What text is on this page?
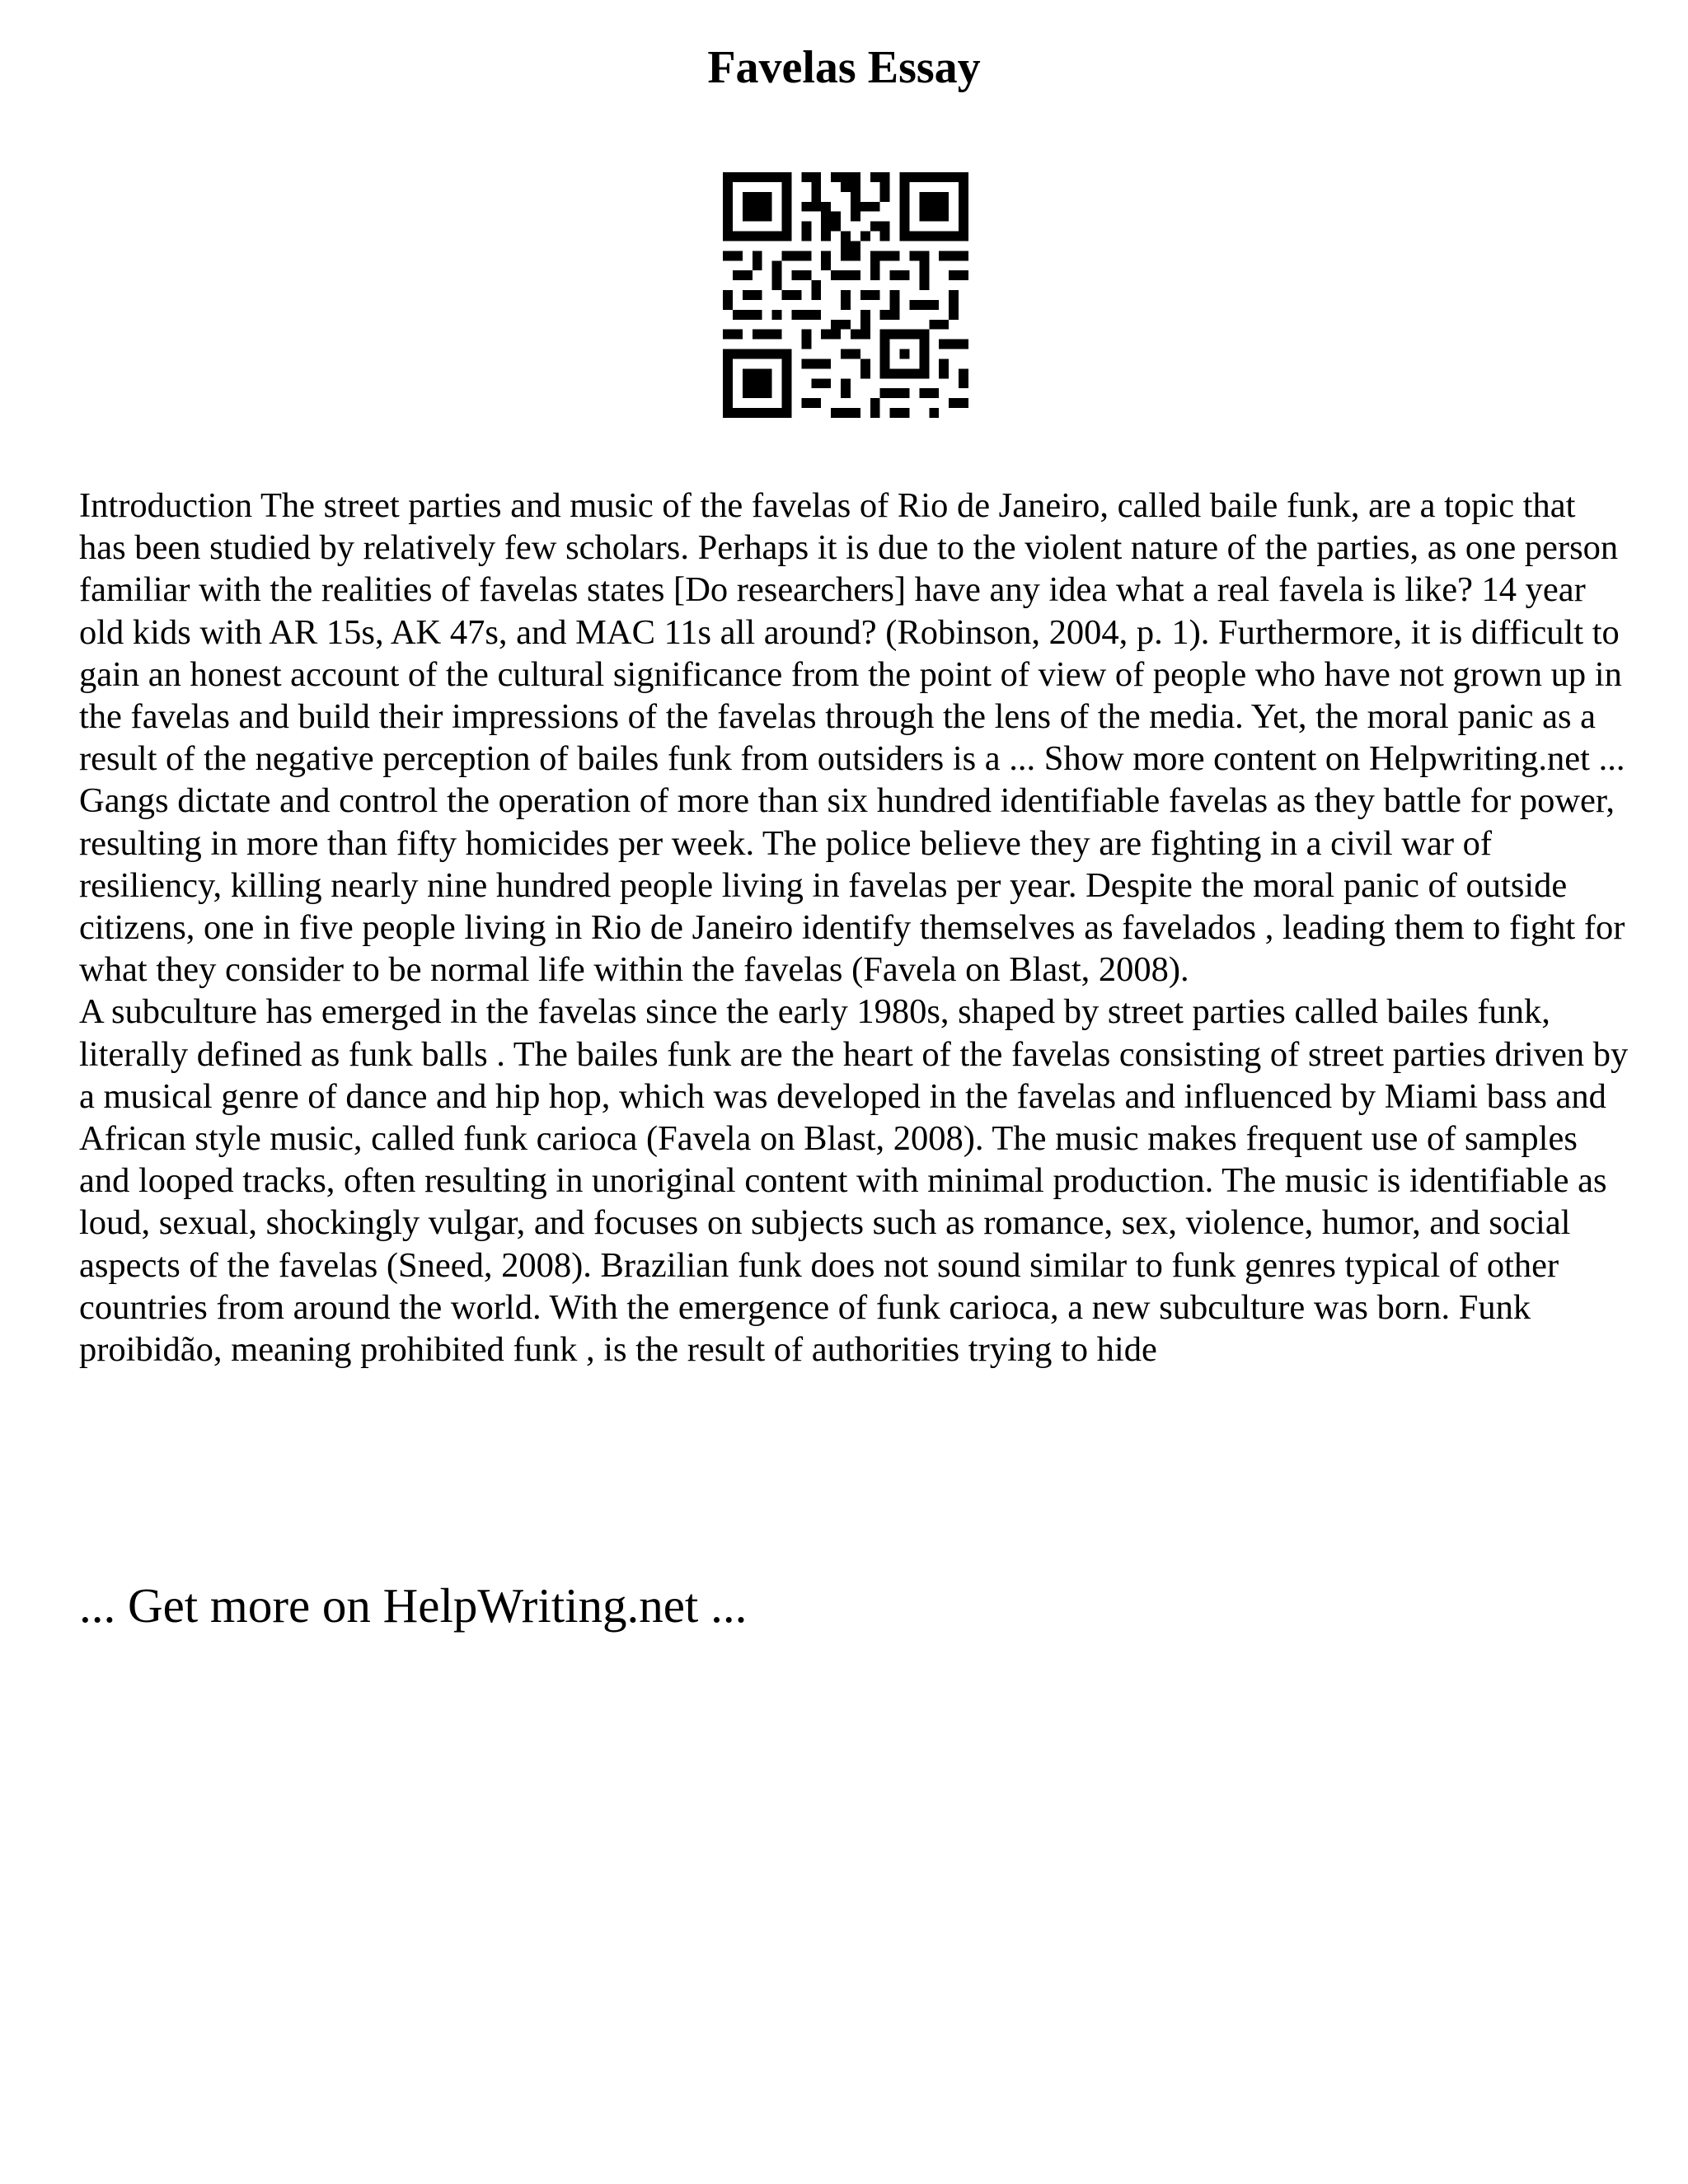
Favelas Essay

Introduction The street parties and music of the favelas of Rio de Janeiro, called baile funk, are a topic that has been studied by relatively few scholars. Perhaps it is due to the violent nature of the parties, as one person familiar with the realities of favelas states [Do researchers] have any idea what a real favela is like? 14 year old kids with AR 15s, AK 47s, and MAC 11s all around? (Robinson, 2004, p. 1). Furthermore, it is difficult to gain an honest account of the cultural significance from the point of view of people who have not grown up in the favelas and build their impressions of the favelas through the lens of the media. Yet, the moral panic as a result of the negative perception of bailes funk from outsiders is a ... Show more content on Helpwriting.net ...

Gangs dictate and control the operation of more than six hundred identifiable favelas as they battle for power, resulting in more than fifty homicides per week. The police believe they are fighting in a civil war of resiliency, killing nearly nine hundred people living in favelas per year. Despite the moral panic of outside citizens, one in five people living in Rio de Janeiro identify themselves as favelados , leading them to fight for what they consider to be normal life within the favelas (Favela on Blast, 2008).

A subculture has emerged in the favelas since the early 1980s, shaped by street parties called bailes funk, literally defined as funk balls . The bailes funk are the heart of the favelas consisting of street parties driven by a musical genre of dance and hip hop, which was developed in the favelas and influenced by Miami bass and African style music, called funk carioca (Favela on Blast, 2008). The music makes frequent use of samples and looped tracks, often resulting in unoriginal content with minimal production. The music is identifiable as loud, sexual, shockingly vulgar, and focuses on subjects such as romance, sex, violence, humor, and social aspects of the favelas (Sneed, 2008). Brazilian funk does not sound similar to funk genres typical of other countries from around the world. With the emergence of funk carioca, a new subculture was born. Funk proibidão, meaning prohibited funk , is the result of authorities trying to hide

... Get more on HelpWriting.net ...
